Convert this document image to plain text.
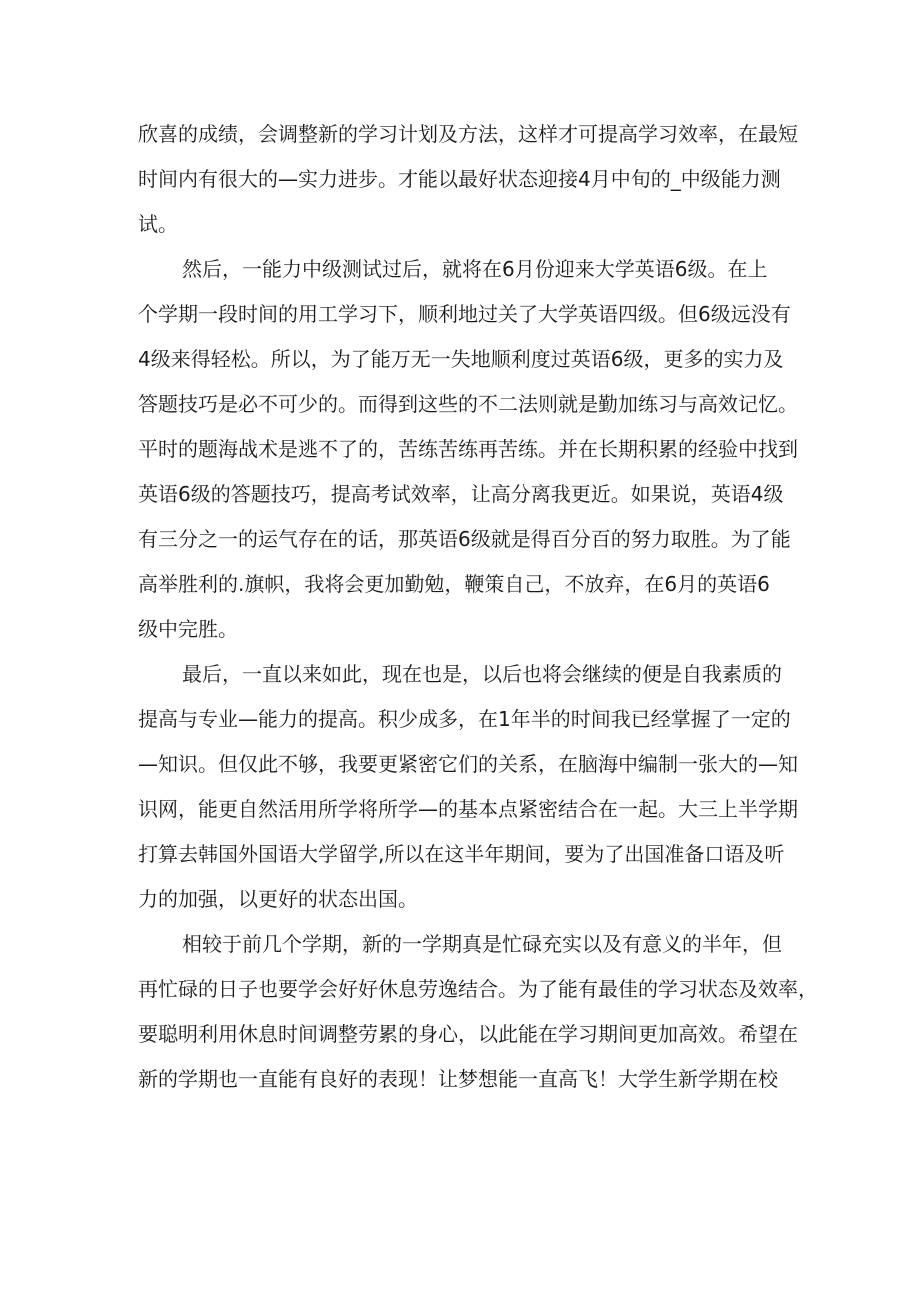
欣喜的成绩，会调整新的学习计划及方法，这样才可提高学习效率，在最短
时间内有很大的—实力进步。才能以最好状态迎接4月中旬的_中级能力测
试。
然后，一能力中级测试过后，就将在6月份迎来大学英语6级。在上
个学期一段时间的用工学习下，顺利地过关了大学英语四级。但6级远没有
4级来得轻松。所以，为了能万无一失地顺利度过英语6级，更多的实力及
答题技巧是必不可少的。而得到这些的不二法则就是勤加练习与高效记忆。
平时的题海战术是逃不了的，苦练苦练再苦练。并在长期积累的经验中找到
英语6级的答题技巧，提高考试效率，让高分离我更近。如果说，英语4级
有三分之一的运气存在的话，那英语6级就是得百分百的努力取胜。为了能
高举胜利的.旗帜，我将会更加勤勉，鞭策自己，不放弃，在6月的英语6
级中完胜。
最后，一直以来如此，现在也是，以后也将会继续的便是自我素质的
提高与专业—能力的提高。积少成多，在1年半的时间我已经掌握了一定的
—知识。但仅此不够，我要更紧密它们的关系，在脑海中编制一张大的—知
识网，能更自然活用所学将所学—的基本点紧密结合在一起。大三上半学期
打算去韩国外国语大学留学,所以在这半年期间，要为了出国准备口语及听
力的加强，以更好的状态出国。
相较于前几个学期，新的一学期真是忙碌充实以及有意义的半年，但
再忙碌的日子也要学会好好休息劳逸结合。为了能有最佳的学习状态及效率，
要聪明利用休息时间调整劳累的身心，以此能在学习期间更加高效。希望在
新的学期也一直能有良好的表现！让梦想能一直高飞！大学生新学期在校
